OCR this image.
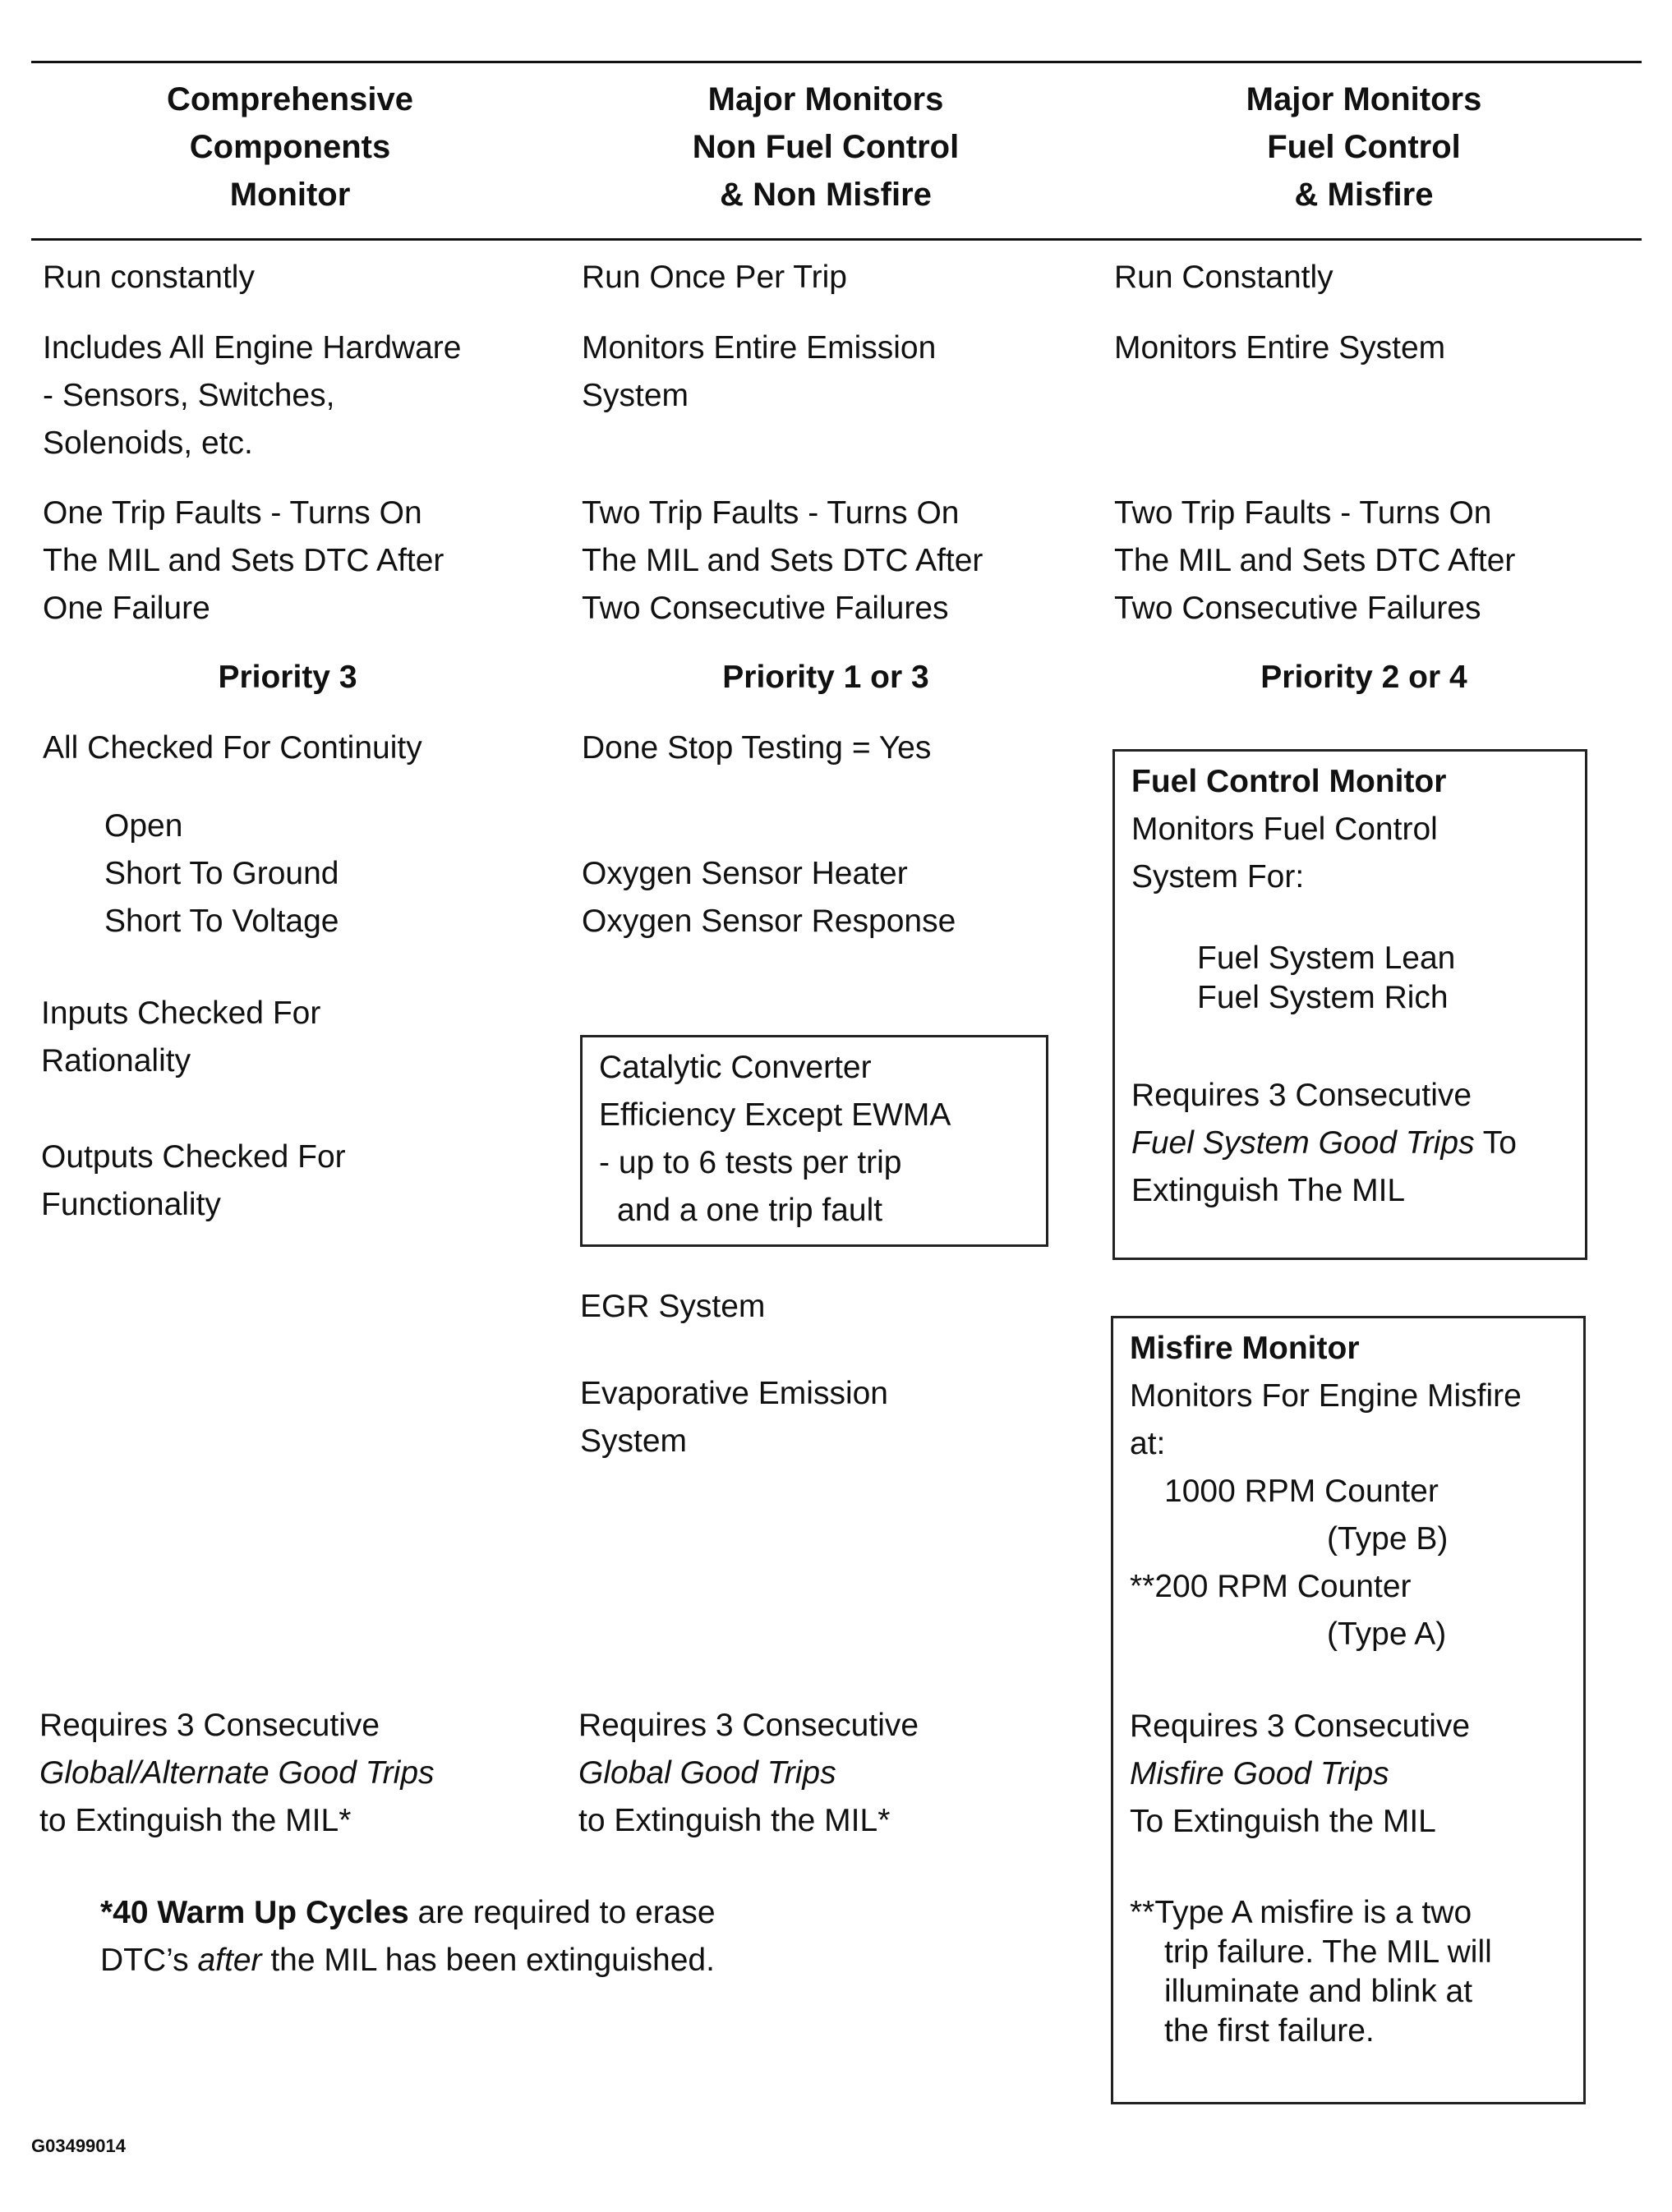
Comprehensive
Components
Monitor
Major Monitors
Non Fuel Control
& Non Misfire
Major Monitors
Fuel Control
& Misfire
Run constantly
Includes All Engine Hardware
- Sensors, Switches,
Solenoids, etc.
One Trip Faults - Turns On
The MIL and Sets DTC After
One Failure
Priority 3
All Checked For Continuity
Open
Short To Ground
Short To Voltage
Inputs Checked For
Rationality
Outputs Checked For
Functionality
Requires 3 Consecutive
Global/Alternate Good Trips
to Extinguish the MIL*
Run Once Per Trip
Monitors Entire Emission
System
Two Trip Faults - Turns On
The MIL and Sets DTC After
Two Consecutive Failures
Priority 1 or 3
Done Stop Testing = Yes
Oxygen Sensor Heater
Oxygen Sensor Response
Catalytic Converter
Efficiency Except EWMA
- up to 6 tests per trip
and a one trip fault
EGR System
Evaporative Emission
System
Requires 3 Consecutive
Global Good Trips
to Extinguish the MIL*
Run Constantly
Monitors Entire System
Two Trip Faults - Turns On
The MIL and Sets DTC After
Two Consecutive Failures
Priority 2 or 4
Fuel Control Monitor
Monitors Fuel Control
System For:
Fuel System Lean
Fuel System Rich
Requires 3 Consecutive
Fuel System Good Trips To
Extinguish The MIL
Misfire Monitor
Monitors For Engine Misfire
at:
1000 RPM Counter
(Type B)
**200 RPM Counter
(Type A)
Requires 3 Consecutive
Misfire Good Trips
To Extinguish the MIL
**Type A misfire is a two
trip failure. The MIL will
illuminate and blink at
the first failure.
*40 Warm Up Cycles are required to erase
DTC’s after the MIL has been extinguished.
G03499014
